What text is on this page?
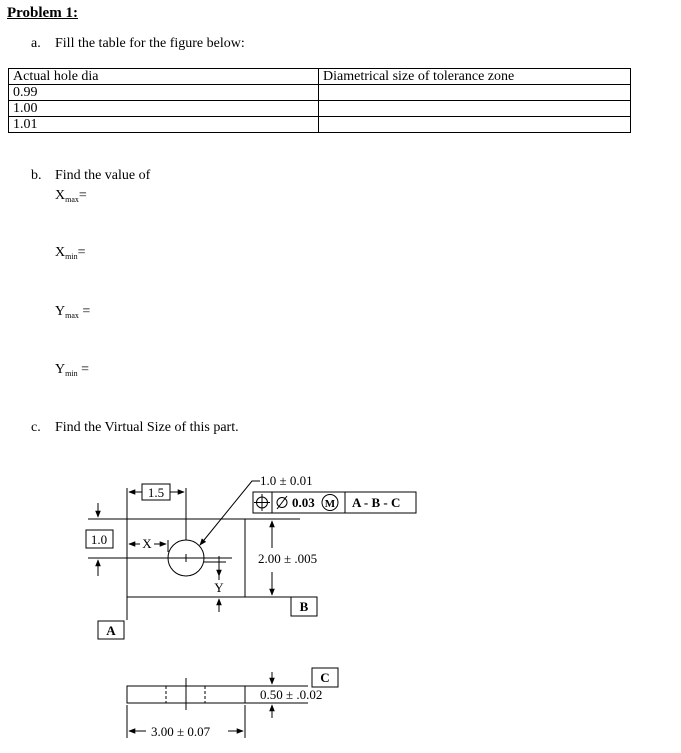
Problem 1:
a. Fill the table for the figure below:
Actual hole dia	Diametrical size of tolerance zone
0.99	
1.00	
1.01	
b. Find the value of
$X_{max}=$
$X_{min}=$
$Y_{max}$ =
$Y_{min}$ =
c. Find the Virtual Size of this part.
1.0 ± 0.01
0.03 M A - B - C
2.00 ± .005
B
A
1.5
1.0	X
Y
C
0.50 ± .0.02
3.00 ± 0.07
